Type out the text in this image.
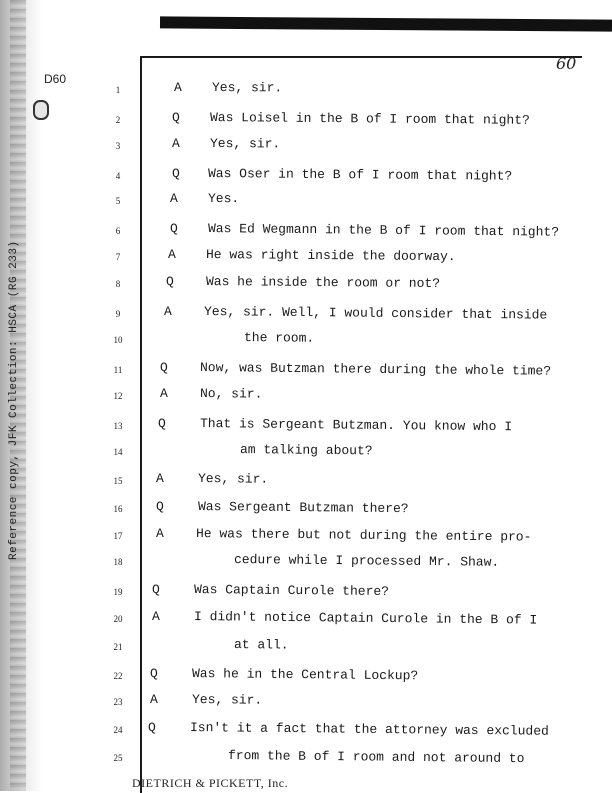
Reference copy, JFK Collection: HSCA (RG 233)
D60
60
1	A Yes, sir.
2	Q Was Loisel in the B of I room that night?
3	A Yes, sir.
4	Q Was Oser in the B of I room that night?
5	A Yes.
6	Q Was Ed Wegmann in the B of I room that night?
7	A He was right inside the doorway.
8	Q Was he inside the room or not?
9	A Yes, sir. Well, I would consider that inside
10	the room.
11	Q Now, was Butzman there during the whole time?
12	A No, sir.
13	Q	That is Sergeant Butzman. You know who I
14	am talking about?
15	A	Yes, sir.
16	Q	Was Sergeant Butzman there?
17	A He was there but not during the entire pro-
18	cedure while I processed Mr. Shaw.
19	Q	Was Captain Curole there?
20	A	I didn't notice Captain Curole in the B of I
21	at all.
22	Q	Was he in the Central Lockup?
23	A	Yes, sir.
24	Q	Isn't it a fact that the attorney was excluded
25	from the B of I room and not around to
DIETRICH & PICKETT, Inc.
